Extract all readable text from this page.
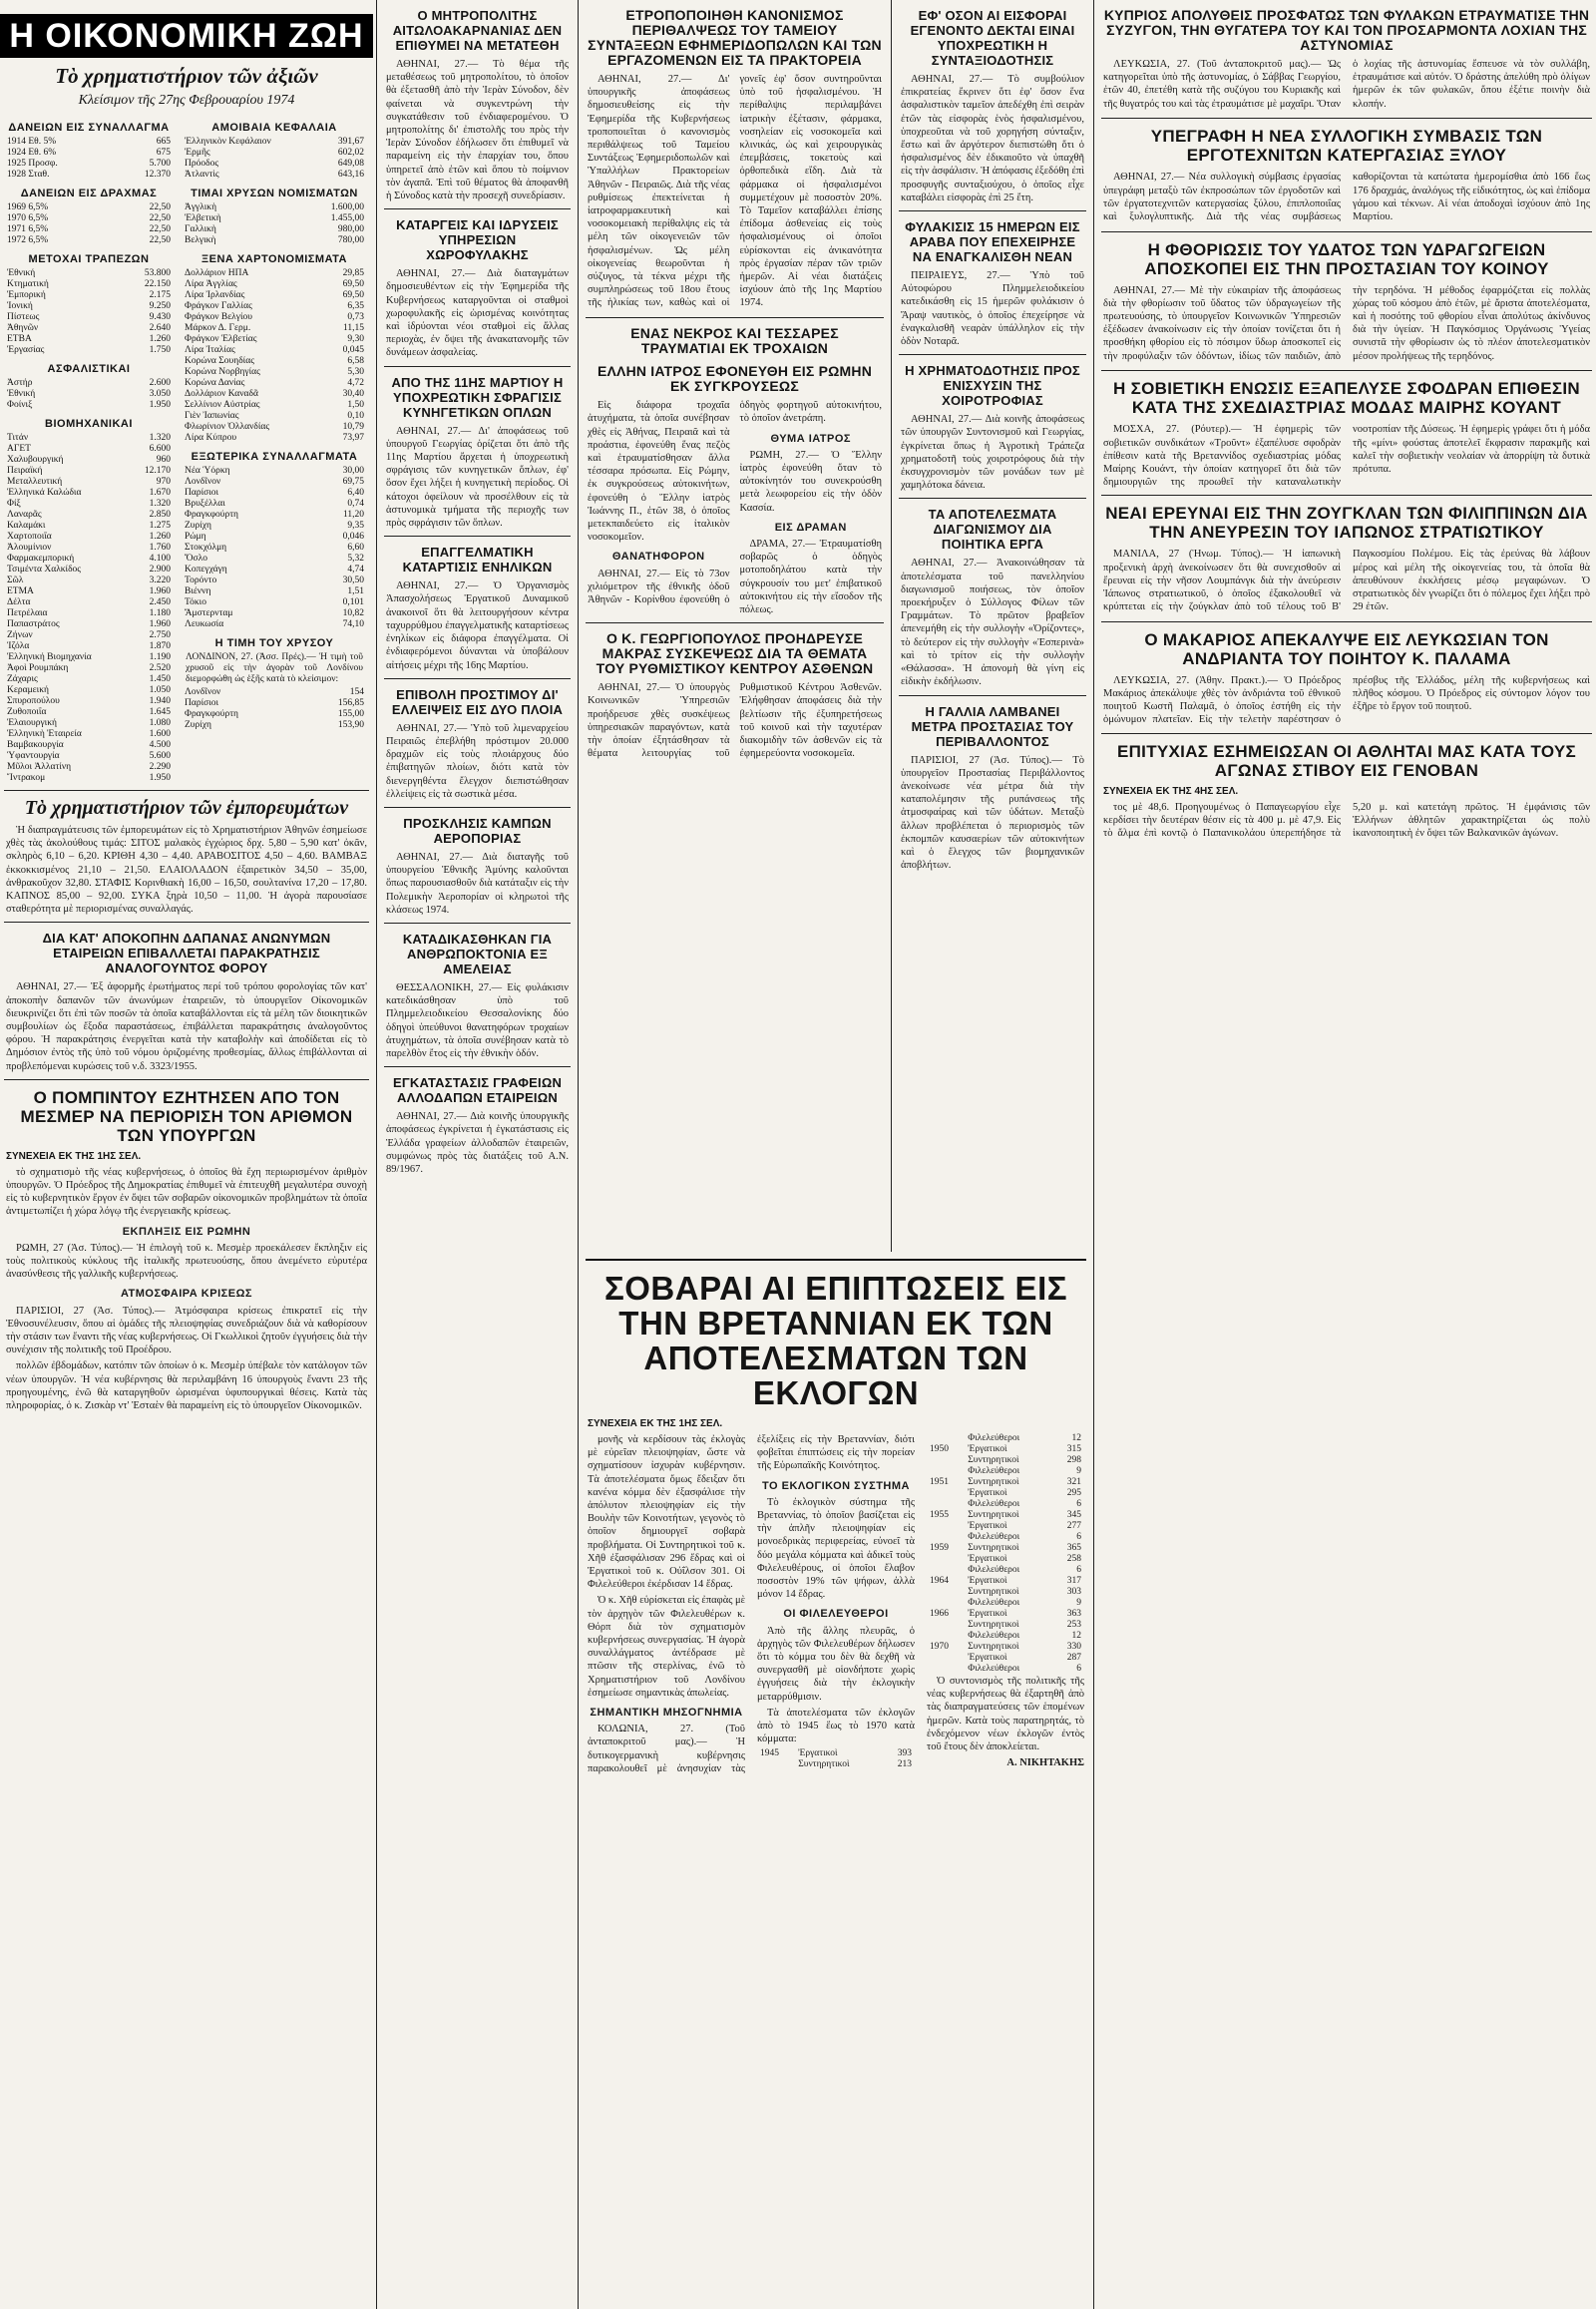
Η ΟΙΚΟΝΟΜΙΚΗ ΖΩΗ
Τὸ χρηματιστήριον τῶν ἀξιῶν
Κλείσιμον τῆς 27ης Φεβρουαρίου 1974
ΔΑΝΕΙΩΝ ΕΙΣ ΣΥΝΑΛΛΑΓΜΑ
1914 Εθ. 5%	665
1924 Εθ. 6%	675
1925 Προσφ.	5.700
1928 Σταθ.	12.370
ΔΑΝΕΙΩΝ ΕΙΣ ΔΡΑΧΜΑΣ
1969 6,5%	22,50
1970 6,5%	22,50
1971 6,5%	22,50
1972 6,5%	22,50
ΜΕΤΟΧΑΙ ΤΡΑΠΕΖΩΝ
Ἐθνική	53.800
Κτηματική	22.150
Ἐμπορική	2.175
Ἰονική	9.250
Πίστεως	9.430
Ἀθηνῶν	2.640
ΕΤΒΑ	1.260
Ἐργασίας	1.750
ΑΣΦΑΛΙΣΤΙΚΑΙ
Ἀστήρ	2.600
Ἐθνική	3.050
Φοίνιξ	1.950
ΒΙΟΜΗΧΑΝΙΚΑΙ
Τιτάν	1.320
ΑΓΕΤ	6.600
Χαλυβουργική	960
Πειραϊκή	12.170
Μεταλλευτική	970
Ἑλληνικά Καλώδια	1.670
Φίξ	1.320
Λαναρᾶς	2.850
Καλαμάκι	1.275
Χαρτοποιΐα	1.260
Ἀλουμίνιον	1.760
Φαρμακεμπορική	4.100
Τσιμέντα Χαλκίδος	2.900
Σῶλ	3.220
ΕΤΜΑ	1.960
Δέλτα	2.450
Πετρέλαια	1.180
Παπαστράτος	1.960
Ζήνων	2.750
Ἰζόλα	1.870
Ἑλληνική Βιομηχανία	1.190
Ἀφοὶ Ρουμπάκη	2.520
Ζάχαρις	1.450
Κεραμεική	1.050
Σπυροπούλου	1.940
Ζυθοποιΐα	1.645
Ἐλαιουργική	1.080
Ἑλληνικὴ Ἐταιρεία	1.600
Βαμβακουργία	4.500
Ὑφαντουργία	5.600
Μῦλοι Ἀλλατίνη	2.290
Ἴντρακομ	1.950
ΑΜΟΙΒΑΙΑ ΚΕΦΑΛΑΙΑ
Ἑλληνικὸν Κεφάλαιον	391,67
Ἑρμῆς	602,02
Πρόοδος	649,08
Ἀτλαντὶς	643,16
ΤΙΜΑΙ ΧΡΥΣΩΝ ΝΟΜΙΣΜΑΤΩΝ
Ἀγγλικὴ	1.600,00
Ἑλβετικὴ	1.455,00
Γαλλικὴ	980,00
Βελγικὴ	780,00
ΞΕΝΑ ΧΑΡΤΟΝΟΜΙΣΜΑΤΑ
Δολλάριον ΗΠΑ	29,85
Λίρα Ἀγγλίας	69,50
Λίρα Ἰρλανδίας	69,50
Φράγκον Γαλλίας	6,35
Φράγκον Βελγίου	0,73
Μάρκον Δ. Γερμ.	11,15
Φράγκον Ἑλβετίας	9,30
Λίρα Ἰταλίας	0,045
Κορώνα Σουηδίας	6,58
Κορώνα Νορβηγίας	5,30
Κορώνα Δανίας	4,72
Δολλάριον Καναδᾶ	30,40
Σελλίνιον Αὐστρίας	1,50
Γιὲν Ἰαπωνίας	0,10
Φλωρίνιον Ὀλλανδίας	10,79
Λίρα Κύπρου	73,97
ΕΞΩΤΕΡΙΚΑ ΣΥΝΑΛΛΑΓΜΑΤΑ
Νέα Ὑόρκη	30,00
Λονδῖνον	69,75
Παρίσιοι	6,40
Βρυξέλλαι	0,74
Φραγκφούρτη	11,20
Ζυρίχη	9,35
Ρώμη	0,046
Στοκχόλμη	6,60
Ὄσλο	5,32
Κοπεγχάγη	4,74
Τορόντο	30,50
Βιέννη	1,51
Τόκιο	0,101
Ἄμστερνταμ	10,82
Λευκωσία	74,10
Η ΤΙΜΗ ΤΟΥ ΧΡΥΣΟΥ
ΛΟΝΔΙΝΟΝ, 27. (Ἀσσ. Πρές).— Ἡ τιμὴ τοῦ χρυσοῦ εἰς τὴν ἀγορὰν τοῦ Λονδίνου διεμορφώθη ὡς ἑξῆς κατὰ τὸ κλείσιμον:
Λονδῖνον	154
Παρίσιοι	156,85
Φραγκφούρτη	155,00
Ζυρίχη	153,90
Τὸ χρηματιστήριον τῶν ἐμπορευμάτων

Ἡ διαπραγμάτευσις τῶν ἐμπορευμάτων εἰς τὸ Χρηματιστήριον Ἀθηνῶν ἐσημείωσε χθὲς τὰς ἀκολούθους τιμάς: ΣΙΤΟΣ μαλακὸς ἐγχώριος δρχ. 5,80 – 5,90 κατ' ὀκᾶν, σκληρὸς 6,10 – 6,20. ΚΡΙΘΗ 4,30 – 4,40. ΑΡΑΒΟΣΙΤΟΣ 4,50 – 4,60. ΒΑΜΒΑΞ ἐκκοκκισμένος 21,10 – 21,50. ΕΛΑΙΟΛΑΔΟΝ ἐξαιρετικὸν 34,50 – 35,00, ἀνθρακοῦχον 32,80. ΣΤΑΦΙΣ Κορινθιακὴ 16,00 – 16,50, σουλτανίνα 17,20 – 17,80. ΚΑΠΝΟΣ 85,00 – 92,00. ΣΥΚΑ ξηρὰ 10,50 – 11,00. Ἡ ἀγορὰ παρουσίασε σταθερότητα μὲ περιορισμένας συναλλαγάς.

ΔΙΑ ΚΑΤ' ΑΠΟΚΟΠΗΝ ΔΑΠΑΝΑΣ ΑΝΩΝΥΜΩΝ ΕΤΑΙΡΕΙΩΝ ΕΠΙΒΑΛΛΕΤΑΙ ΠΑΡΑΚΡΑΤΗΣΙΣ ΑΝΑΛΟΓΟΥΝΤΟΣ ΦΟΡΟΥ

ΑΘΗΝΑΙ, 27.— Ἐξ ἀφορμῆς ἐρωτήματος περί τοῦ τρόπου φορολογίας τῶν κατ' ἀποκοπὴν δαπανῶν τῶν ἀνωνύμων ἑταιρειῶν, τὸ ὑπουργεῖον Οἰκονομικῶν διευκρινίζει ὅτι ἐπὶ τῶν ποσῶν τὰ ὁποῖα καταβάλλονται εἰς τὰ μέλη τῶν διοικητικῶν συμβουλίων ὡς ἔξοδα παραστάσεως, ἐπιβάλλεται παρακράτησις ἀναλογοῦντος φόρου. Ἡ παρακράτησις ἐνεργεῖται κατὰ τὴν καταβολὴν καὶ ἀποδίδεται εἰς τὸ Δημόσιον ἐντὸς τῆς ὑπὸ τοῦ νόμου ὁριζομένης προθεσμίας, ἄλλως ἐπιβάλλονται αἱ προβλεπόμεναι κυρώσεις τοῦ ν.δ. 3323/1955.

Ο ΠΟΜΠΙΝΤΟΥ ΕΖΗΤΗΣΕΝ ΑΠΟ ΤΟΝ ΜΕΣΜΕΡ ΝΑ ΠΕΡΙΟΡΙΣΗ ΤΟΝ ΑΡΙΘΜΟΝ ΤΩΝ ΥΠΟΥΡΓΩΝ
ΣΥΝΕΧΕΙΑ ΕΚ ΤΗΣ 1ΗΣ ΣΕΛ.

τὸ σχηματισμὸ τῆς νέας κυβερνήσεως, ὁ ὁποῖος θὰ ἔχη περιωρισμένον ἀριθμὸν ὑπουργῶν. Ὁ Πρόεδρος τῆς Δημοκρατίας ἐπιθυμεῖ νὰ ἐπιτευχθῆ μεγαλυτέρα συνοχὴ εἰς τὸ κυβερνητικὸν ἔργον ἐν ὄψει τῶν σοβαρῶν οἰκονομικῶν προβλημάτων τὰ ὁποῖα ἀντιμετωπίζει ἡ χώρα λόγῳ τῆς ἐνεργειακῆς κρίσεως.

ΕΚΠΛΗΞΙΣ ΕΙΣ ΡΩΜΗΝ

ΡΩΜΗ, 27 (Ἀσ. Τύπος).— Ἡ ἐπιλογὴ τοῦ κ. Μεσμὲρ προεκάλεσεν ἔκπληξιν εἰς τοὺς πολιτικοὺς κύκλους τῆς ἰταλικῆς πρωτευούσης, ὅπου ἀνεμένετο εὐρυτέρα ἀνασύνθεσις τῆς γαλλικῆς κυβερνήσεως.

ΑΤΜΟΣΦΑΙΡΑ ΚΡΙΣΕΩΣ

ΠΑΡΙΣΙΟΙ, 27 (Ἀσ. Τύπος).— Ἀτμόσφαιρα κρίσεως ἐπικρατεῖ εἰς τὴν Ἐθνοσυνέλευσιν, ὅπου αἱ ὁμάδες τῆς πλειοψηφίας συνεδριάζουν διὰ νὰ καθορίσουν τὴν στάσιν των ἔναντι τῆς νέας κυβερνήσεως. Οἱ Γκωλλικοὶ ζητοῦν ἐγγυήσεις διὰ τὴν συνέχισιν τῆς πολιτικῆς τοῦ Προέδρου.

πολλῶν ἐβδομάδων, κατόπιν τῶν ὁποίων ὁ κ. Μεσμὲρ ὑπέβαλε τὸν κατάλογον τῶν νέων ὑπουργῶν. Ἡ νέα κυβέρνησις θὰ περιλαμβάνη 16 ὑπουργοὺς ἔναντι 23 τῆς προηγουμένης, ἐνῶ θὰ καταργηθοῦν ὡρισμέναι ὑφυπουργικαὶ θέσεις. Κατὰ τὰς πληροφορίας, ὁ κ. Ζισκὰρ ντ' Ἐσταὲν θὰ παραμείνη εἰς τὸ ὑπουργεῖον Οἰκονομικῶν.

Ο ΜΗΤΡΟΠΟΛΙΤΗΣ ΑΙΤΩΛΟΑΚΑΡΝΑΝΙΑΣ ΔΕΝ ΕΠΙΘΥΜΕΙ ΝΑ ΜΕΤΑΤΕΘΗ

ΑΘΗΝΑΙ, 27.— Τὸ θέμα τῆς μεταθέσεως τοῦ μητροπολίτου, τὸ ὁποῖον θὰ ἐξετασθῆ ἀπὸ τὴν Ἱερὰν Σύνοδον, δὲν φαίνεται νὰ συγκεντρώνη τὴν συγκατάθεσιν τοῦ ἐνδιαφερομένου. Ὁ μητροπολίτης δι' ἐπιστολῆς του πρὸς τὴν Ἱερὰν Σύνοδον ἐδήλωσεν ὅτι ἐπιθυμεῖ νὰ παραμείνη εἰς τὴν ἐπαρχίαν του, ὅπου ὑπηρετεῖ ἀπὸ ἐτῶν καὶ ὅπου τὸ ποίμνιον τὸν ἀγαπᾶ. Ἐπὶ τοῦ θέματος θὰ ἀποφανθῆ ἡ Σύνοδος κατὰ τὴν προσεχῆ συνεδρίασιν.

ΚΑΤΑΡΓΕΙΣ ΚΑΙ ΙΔΡΥΣΕΙΣ ΥΠΗΡΕΣΙΩΝ ΧΩΡΟΦΥΛΑΚΗΣ

ΑΘΗΝΑΙ, 27.— Διὰ διαταγμάτων δημοσιευθέντων εἰς τὴν Ἐφημερίδα τῆς Κυβερνήσεως καταργοῦνται οἱ σταθμοὶ χωροφυλακῆς εἰς ὡρισμένας κοινότητας καὶ ἱδρύονται νέοι σταθμοὶ εἰς ἄλλας περιοχὰς, ἐν ὄψει τῆς ἀνακατανομῆς τῶν δυνάμεων ἀσφαλείας.

ΑΠΟ ΤΗΣ 11ΗΣ ΜΑΡΤΙΟΥ Η ΥΠΟΧΡΕΩΤΙΚΗ ΣΦΡΑΓΙΣΙΣ ΚΥΝΗΓΕΤΙΚΩΝ ΟΠΛΩΝ

ΑΘΗΝΑΙ, 27.— Δι' ἀποφάσεως τοῦ ὑπουργοῦ Γεωργίας ὁρίζεται ὅτι ἀπὸ τῆς 11ης Μαρτίου ἄρχεται ἡ ὑποχρεωτικὴ σφράγισις τῶν κυνηγετικῶν ὅπλων, ἐφ' ὅσον ἔχει λήξει ἡ κυνηγετικὴ περίοδος. Οἱ κάτοχοι ὀφείλουν νὰ προσέλθουν εἰς τὰ ἀστυνομικὰ τμήματα τῆς περιοχῆς των πρὸς σφράγισιν τῶν ὅπλων.

ΕΠΑΓΓΕΛΜΑΤΙΚΗ ΚΑΤΑΡΤΙΣΙΣ ΕΝΗΛΙΚΩΝ

ΑΘΗΝΑΙ, 27.— Ὁ Ὀργανισμὸς Ἀπασχολήσεως Ἐργατικοῦ Δυναμικοῦ ἀνακοινοῖ ὅτι θὰ λειτουργήσουν κέντρα ταχυρρύθμου ἐπαγγελματικῆς καταρτίσεως ἐνηλίκων εἰς διάφορα ἐπαγγέλματα. Οἱ ἐνδιαφερόμενοι δύνανται νὰ ὑποβάλουν αἰτήσεις μέχρι τῆς 16ης Μαρτίου.

ΕΠΙΒΟΛΗ ΠΡΟΣΤΙΜΟΥ ΔΙ' ΕΛΛΕΙΨΕΙΣ ΕΙΣ ΔΥΟ ΠΛΟΙΑ

ΑΘΗΝΑΙ, 27.— Ὑπὸ τοῦ λιμεναρχείου Πειραιῶς ἐπεβλήθη πρόστιμον 20.000 δραχμῶν εἰς τοὺς πλοιάρχους δύο ἐπιβατηγῶν πλοίων, διότι κατὰ τὸν διενεργηθέντα ἔλεγχον διεπιστώθησαν ἐλλείψεις εἰς τὰ σωστικὰ μέσα.

ΠΡΟΣΚΛΗΣΙΣ ΚΑΜΠΩΝ ΑΕΡΟΠΟΡΙΑΣ

ΑΘΗΝΑΙ, 27.— Διὰ διαταγῆς τοῦ ὑπουργείου Ἐθνικῆς Ἀμύνης καλοῦνται ὅπως παρουσιασθοῦν διὰ κατάταξιν εἰς τὴν Πολεμικὴν Ἀεροπορίαν οἱ κληρωτοὶ τῆς κλάσεως 1974.

ΚΑΤΑΔΙΚΑΣΘΗΚΑΝ ΓΙΑ ΑΝΘΡΩΠΟΚΤΟΝΙΑ ΕΞ ΑΜΕΛΕΙΑΣ

ΘΕΣΣΑΛΟΝΙΚΗ, 27.— Εἰς φυλάκισιν κατεδικάσθησαν ὑπὸ τοῦ Πλημμελειοδικείου Θεσσαλονίκης δύο ὁδηγοὶ ὑπεύθυνοι θανατηφόρων τροχαίων ἀτυχημάτων, τὰ ὁποῖα συνέβησαν κατὰ τὸ παρελθὸν ἔτος εἰς τὴν ἐθνικὴν ὁδόν.

ΕΓΚΑΤΑΣΤΑΣΙΣ ΓΡΑΦΕΙΩΝ ΑΛΛΟΔΑΠΩΝ ΕΤΑΙΡΕΙΩΝ

ΑΘΗΝΑΙ, 27.— Διὰ κοινῆς ὑπουργικῆς ἀποφάσεως ἐγκρίνεται ἡ ἐγκατάστασις εἰς Ἑλλάδα γραφείων ἀλλοδαπῶν ἐταιρειῶν, συμφώνως πρὸς τὰς διατάξεις τοῦ Α.Ν. 89/1967.

ΕΤΡΟΠΟΠΟΙΗΘΗ ΚΑΝΟΝΙΣΜΟΣ ΠΕΡΙΘΑΛΨΕΩΣ ΤΟΥ ΤΑΜΕΙΟΥ ΣΥΝΤΑΞΕΩΝ ΕΦΗΜΕΡΙΔΟΠΩΛΩΝ ΚΑΙ ΤΩΝ ΕΡΓΑΖΟΜΕΝΩΝ ΕΙΣ ΤΑ ΠΡΑΚΤΟΡΕΙΑ

ΑΘΗΝΑΙ, 27.— Δι' ὑπουργικῆς ἀποφάσεως δημοσιευθείσης εἰς τὴν Ἐφημερίδα τῆς Κυβερνήσεως τροποποιεῖται ὁ κανονισμὸς περιθάλψεως τοῦ Ταμείου Συντάξεως Ἐφημεριδοπωλῶν καὶ Ὑπαλλήλων Πρακτορείων Ἀθηνῶν - Πειραιῶς. Διὰ τῆς νέας ρυθμίσεως ἐπεκτείνεται ἡ ἰατροφαρμακευτικὴ καὶ νοσοκομειακὴ περίθαλψις εἰς τὰ μέλη τῶν οἰκογενειῶν τῶν ἠσφαλισμένων. Ὡς μέλη οἰκογενείας θεωροῦνται ἡ σύζυγος, τὰ τέκνα μέχρι τῆς συμπληρώσεως τοῦ 18ου ἔτους τῆς ἡλικίας των, καθὼς καὶ οἱ γονεῖς ἐφ' ὅσον συντηροῦνται ὑπὸ τοῦ ἠσφαλισμένου. Ἡ περίθαλψις περιλαμβάνει ἰατρικὴν ἐξέτασιν, φάρμακα, νοσηλείαν εἰς νοσοκομεῖα καὶ κλινικάς, ὡς καὶ χειρουργικὰς ἐπεμβάσεις, τοκετοὺς καὶ ὀρθοπεδικὰ εἴδη. Διὰ τὰ φάρμακα οἱ ἠσφαλισμένοι συμμετέχουν μὲ ποσοστὸν 20%. Τὸ Ταμεῖον καταβάλλει ἐπίσης ἐπίδομα ἀσθενείας εἰς τοὺς ἠσφαλισμένους οἱ ὁποῖοι εὑρίσκονται εἰς ἀνικανότητα πρὸς ἐργασίαν πέραν τῶν τριῶν ἡμερῶν. Αἱ νέαι διατάξεις ἰσχύουν ἀπὸ τῆς 1ης Μαρτίου 1974.

ΕΝΑΣ ΝΕΚΡΟΣ ΚΑΙ ΤΕΣΣΑΡΕΣ ΤΡΑΥΜΑΤΙΑΙ ΕΚ ΤΡΟΧΑΙΩΝ
ΕΛΛΗΝ ΙΑΤΡΟΣ ΕΦΟΝΕΥΘΗ ΕΙΣ ΡΩΜΗΝ ΕΚ ΣΥΓΚΡΟΥΣΕΩΣ

Εἰς διάφορα τροχαῖα ἀτυχήματα, τὰ ὁποῖα συνέβησαν χθὲς εἰς Ἀθήνας, Πειραιᾶ καὶ τὰ προάστια, ἐφονεύθη ἕνας πεζὸς καὶ ἐτραυματίσθησαν ἄλλα τέσσαρα πρόσωπα. Εἰς Ρώμην, ἐκ συγκρούσεως αὐτοκινήτων, ἐφονεύθη ὁ Ἕλλην ἰατρὸς Ἰωάννης Π., ἐτῶν 38, ὁ ὁποῖος μετεκπαιδεύετο εἰς ἰταλικὸν νοσοκομεῖον.

ΘΑΝΑΤΗΦΟΡΟΝ

ΑΘΗΝΑΙ, 27.— Εἰς τὸ 73ον χιλιόμετρον τῆς ἐθνικῆς ὁδοῦ Ἀθηνῶν - Κορίνθου ἐφονεύθη ὁ ὁδηγὸς φορτηγοῦ αὐτοκινήτου, τὸ ὁποῖον ἀνετράπη.

ΘΥΜΑ ΙΑΤΡΟΣ

ΡΩΜΗ, 27.— Ὁ Ἕλλην ἰατρὸς ἐφονεύθη ὅταν τὸ αὐτοκίνητόν του συνεκρούσθη μετὰ λεωφορείου εἰς τὴν ὁδὸν Κασσία.

ΕΙΣ ΔΡΑΜΑΝ

ΔΡΑΜΑ, 27.— Ἐτραυματίσθη σοβαρῶς ὁ ὁδηγὸς μοτοποδηλάτου κατὰ τὴν σύγκρουσίν του μετ' ἐπιβατικοῦ αὐτοκινήτου εἰς τὴν εἴσοδον τῆς πόλεως.

Ο Κ. ΓΕΩΡΓΙΟΠΟΥΛΟΣ ΠΡΟΗΔΡΕΥΣΕ ΜΑΚΡΑΣ ΣΥΣΚΕΨΕΩΣ ΔΙΑ ΤΑ ΘΕΜΑΤΑ ΤΟΥ ΡΥΘΜΙΣΤΙΚΟΥ ΚΕΝΤΡΟΥ ΑΣΘΕΝΩΝ

ΑΘΗΝΑΙ, 27.— Ὁ ὑπουργὸς Κοινωνικῶν Ὑπηρεσιῶν προήδρευσε χθὲς συσκέψεως ὑπηρεσιακῶν παραγόντων, κατὰ τὴν ὁποίαν ἐξητάσθησαν τὰ θέματα λειτουργίας τοῦ Ρυθμιστικοῦ Κέντρου Ἀσθενῶν. Ἐλήφθησαν ἀποφάσεις διὰ τὴν βελτίωσιν τῆς ἐξυπηρετήσεως τοῦ κοινοῦ καὶ τὴν ταχυτέραν διακομιδὴν τῶν ἀσθενῶν εἰς τὰ ἐφημερεύοντα νοσοκομεῖα.

ΕΦ' ΟΣΟΝ ΑΙ ΕΙΣΦΟΡΑΙ ΕΓΕΝΟΝΤΟ ΔΕΚΤΑΙ ΕΙΝΑΙ ΥΠΟΧΡΕΩΤΙΚΗ Η ΣΥΝΤΑΞΙΟΔΟΤΗΣΙΣ

ΑΘΗΝΑΙ, 27.— Τὸ συμβούλιον ἐπικρατείας ἔκρινεν ὅτι ἐφ' ὅσον ἕνα ἀσφαλιστικὸν ταμεῖον ἀπεδέχθη ἐπὶ σειρὰν ἐτῶν τὰς εἰσφορὰς ἑνὸς ἠσφαλισμένου, ὑποχρεοῦται νὰ τοῦ χορηγήση σύνταξιν, ἔστω καὶ ἂν ἀργότερον διεπιστώθη ὅτι ὁ ἠσφαλισμένος δὲν ἐδικαιοῦτο νὰ ὑπαχθῆ εἰς τὴν ἀσφάλισιν. Ἡ ἀπόφασις ἐξεδόθη ἐπὶ προσφυγῆς συνταξιούχου, ὁ ὁποῖος εἶχε καταβάλει εἰσφορὰς ἐπὶ 25 ἔτη.

ΦΥΛΑΚΙΣΙΣ 15 ΗΜΕΡΩΝ ΕΙΣ ΑΡΑΒΑ ΠΟΥ ΕΠΕΧΕΙΡΗΣΕ ΝΑ ΕΝΑΓΚΑΛΙΣΘΗ ΝΕΑΝ

ΠΕΙΡΑΙΕΥΣ, 27.— Ὑπὸ τοῦ Αὐτοφώρου Πλημμελειοδικείου κατεδικάσθη εἰς 15 ἡμερῶν φυλάκισιν ὁ Ἄραψ ναυτικὸς, ὁ ὁποῖος ἐπεχείρησε νὰ ἐναγκαλισθῆ νεαρὰν ὑπάλληλον εἰς τὴν ὁδὸν Νοταρᾶ.

Η ΧΡΗΜΑΤΟΔΟΤΗΣΙΣ ΠΡΟΣ ΕΝΙΣΧΥΣΙΝ ΤΗΣ ΧΟΙΡΟΤΡΟΦΙΑΣ

ΑΘΗΝΑΙ, 27.— Διὰ κοινῆς ἀποφάσεως τῶν ὑπουργῶν Συντονισμοῦ καὶ Γεωργίας, ἐγκρίνεται ὅπως ἡ Ἀγροτικὴ Τράπεζα χρηματοδοτῆ τοὺς χοιροτρόφους διὰ τὴν ἐκσυγχρονισμὸν τῶν μονάδων των μὲ χαμηλότοκα δάνεια.

ΤΑ ΑΠΟΤΕΛΕΣΜΑΤΑ ΔΙΑΓΩΝΙΣΜΟΥ ΔΙΑ ΠΟΙΗΤΙΚΑ ΕΡΓΑ

ΑΘΗΝΑΙ, 27.— Ἀνακοινώθησαν τὰ ἀποτελέσματα τοῦ πανελληνίου διαγωνισμοῦ ποιήσεως, τὸν ὁποῖον προεκήρυξεν ὁ Σύλλογος Φίλων τῶν Γραμμάτων. Τὸ πρῶτον βραβεῖον ἀπενεμήθη εἰς τὴν συλλογὴν «Ὀρίζοντες», τὸ δεύτερον εἰς τὴν συλλογὴν «Ἐσπερινὰ» καὶ τὸ τρίτον εἰς τὴν συλλογὴν «Θάλασσα». Ἡ ἀπονομὴ θὰ γίνη εἰς εἰδικὴν ἐκδήλωσιν.

Η ΓΑΛΛΙΑ ΛΑΜΒΑΝΕΙ ΜΕΤΡΑ ΠΡΟΣΤΑΣΙΑΣ ΤΟΥ ΠΕΡΙΒΑΛΛΟΝΤΟΣ

ΠΑΡΙΣΙΟΙ, 27 (Ἀσ. Τύπος).— Τὸ ὑπουργεῖον Προστασίας Περιβάλλοντος ἀνεκοίνωσε νέα μέτρα διὰ τὴν καταπολέμησιν τῆς ρυπάνσεως τῆς ἀτμοσφαίρας καὶ τῶν ὑδάτων. Μεταξὺ ἄλλων προβλέπεται ὁ περιορισμὸς τῶν ἐκπομπῶν καυσαερίων τῶν αὐτοκινήτων καὶ ὁ ἔλεγχος τῶν βιομηχανικῶν ἀποβλήτων.

ΣΟΒΑΡΑΙ ΑΙ ΕΠΙΠΤΩΣΕΙΣ ΕΙΣ ΤΗΝ ΒΡΕΤΑΝΝΙΑΝ ΕΚ ΤΩΝ ΑΠΟΤΕΛΕΣΜΑΤΩΝ ΤΩΝ ΕΚΛΟΓΩΝ
ΣΥΝΕΧΕΙΑ ΕΚ ΤΗΣ 1ΗΣ ΣΕΛ.

μονῆς νὰ κερδίσουν τὰς ἐκλογὰς μὲ εὐρεῖαν πλειοψηφίαν, ὥστε νὰ σχηματίσουν ἰσχυρὰν κυβέρνησιν. Τὰ ἀποτελέσματα ὅμως ἔδειξαν ὅτι κανένα κόμμα δὲν ἐξασφάλισε τὴν ἀπόλυτον πλειοψηφίαν εἰς τὴν Βουλὴν τῶν Κοινοτήτων, γεγονὸς τὸ ὁποῖον δημιουργεῖ σοβαρὰ προβλήματα. Οἱ Συντηρητικοὶ τοῦ κ. Χῆθ ἐξασφάλισαν 296 ἕδρας καὶ οἱ Ἐργατικοὶ τοῦ κ. Οὐΐλσον 301. Οἱ Φιλελεύθεροι ἐκέρδισαν 14 ἕδρας.

Ὁ κ. Χῆθ εὑρίσκεται εἰς ἐπαφὰς μὲ τὸν ἀρχηγὸν τῶν Φιλελευθέρων κ. Θόρπ διὰ τὸν σχηματισμὸν κυβερνήσεως συνεργασίας. Ἡ ἀγορὰ συναλλάγματος ἀντέδρασε μὲ πτῶσιν τῆς στερλίνας, ἐνῶ τὸ Χρηματιστήριον τοῦ Λονδίνου ἐσημείωσε σημαντικὰς ἀπωλείας.

ΣΗΜΑΝΤΙΚΗ ΜΗΣΟΓΝΗΜΙΑ

ΚΟΛΩΝΙΑ, 27. (Τοῦ ἀνταποκριτοῦ μας).— Ἡ δυτικογερμανικὴ κυβέρνησις παρακολουθεῖ μὲ ἀνησυχίαν τὰς ἐξελίξεις εἰς τὴν Βρεταννίαν, διότι φοβεῖται ἐπιπτώσεις εἰς τὴν πορείαν τῆς Εὐρωπαϊκῆς Κοινότητος.

ΤΟ ΕΚΛΟΓΙΚΟΝ ΣΥΣΤΗΜΑ

Τὸ ἐκλογικὸν σύστημα τῆς Βρεταννίας, τὸ ὁποῖον βασίζεται εἰς τὴν ἀπλῆν πλειοψηφίαν εἰς μονοεδρικὰς περιφερείας, εὐνοεῖ τὰ δύο μεγάλα κόμματα καὶ ἀδικεῖ τοὺς Φιλελευθέρους, οἱ ὁποῖοι ἔλαβον ποσοστὸν 19% τῶν ψήφων, ἀλλὰ μόνον 14 ἕδρας.

ΟΙ ΦΙΛΕΛΕΥΘΕΡΟΙ

Ἀπὸ τῆς ἄλλης πλευρᾶς, ὁ ἀρχηγὸς τῶν Φιλελευθέρων δήλωσεν ὅτι τὸ κόμμα του δὲν θὰ δεχθῆ νὰ συνεργασθῆ μὲ οἱονδήποτε χωρὶς ἐγγυήσεις διὰ τὴν ἐκλογικὴν μεταρρύθμισιν.

Τὰ ἀποτελέσματα τῶν ἐκλογῶν ἀπὸ τὸ 1945 ἕως τὸ 1970 κατὰ κόμματα:

1945	Ἐργατικοὶ	393
	Συντηρητικοὶ	213
	Φιλελεύθεροι	12
1950	Ἐργατικοὶ	315
	Συντηρητικοὶ	298
	Φιλελεύθεροι	9
1951	Συντηρητικοὶ	321
	Ἐργατικοὶ	295
	Φιλελεύθεροι	6
1955	Συντηρητικοὶ	345
	Ἐργατικοὶ	277
	Φιλελεύθεροι	6
1959	Συντηρητικοὶ	365
	Ἐργατικοὶ	258
	Φιλελεύθεροι	6
1964	Ἐργατικοὶ	317
	Συντηρητικοὶ	303
	Φιλελεύθεροι	9
1966	Ἐργατικοὶ	363
	Συντηρητικοὶ	253
	Φιλελεύθεροι	12
1970	Συντηρητικοὶ	330
	Ἐργατικοὶ	287
	Φιλελεύθεροι	6

Ὁ συντονισμὸς τῆς πολιτικῆς τῆς νέας κυβερνήσεως θὰ ἐξαρτηθῆ ἀπὸ τὰς διαπραγματεύσεις τῶν ἑπομένων ἡμερῶν. Κατὰ τοὺς παρατηρητάς, τὸ ἐνδεχόμενον νέων ἐκλογῶν ἐντὸς τοῦ ἔτους δὲν ἀποκλείεται.

Α. ΝΙΚΗΤΑΚΗΣ

ΚΥΠΡΙΟΣ ΑΠΟΛΥΘΕΙΣ ΠΡΟΣΦΑΤΩΣ ΤΩΝ ΦΥΛΑΚΩΝ ΕΤΡΑΥΜΑΤΙΣΕ ΤΗΝ ΣΥΖΥΓΟΝ, ΤΗΝ ΘΥΓΑΤΕΡΑ ΤΟΥ ΚΑΙ ΤΟΝ ΠΡΟΣΑΡΜΟΝΤΑ ΛΟΧΙΑΝ ΤΗΣ ΑΣΤΥΝΟΜΙΑΣ

ΛΕΥΚΩΣΙΑ, 27. (Τοῦ ἀνταποκριτοῦ μας).— Ὡς κατηγορεῖται ὑπὸ τῆς ἀστυνομίας, ὁ Σάββας Γεωργίου, ἐτῶν 40, ἐπετέθη κατὰ τῆς συζύγου του Κυριακῆς καὶ τῆς θυγατρός του καὶ τὰς ἐτραυμάτισε μὲ μαχαῖρι. Ὅταν ὁ λοχίας τῆς ἀστυνομίας ἔσπευσε νὰ τὸν συλλάβη, ἐτραυμάτισε καὶ αὐτόν. Ὁ δράστης ἀπελύθη πρὸ ὀλίγων ἡμερῶν ἐκ τῶν φυλακῶν, ὅπου ἐξέτιε ποινὴν διὰ κλοπήν.

ΥΠΕΓΡΑΦΗ Η ΝΕΑ ΣΥΛΛΟΓΙΚΗ ΣΥΜΒΑΣΙΣ ΤΩΝ ΕΡΓΟΤΕΧΝΙΤΩΝ ΚΑΤΕΡΓΑΣΙΑΣ ΞΥΛΟΥ

ΑΘΗΝΑΙ, 27.— Νέα συλλογικὴ σύμβασις ἐργασίας ὑπεγράφη μεταξὺ τῶν ἐκπροσώπων τῶν ἐργοδοτῶν καὶ τῶν ἐργατοτεχνιτῶν κατεργασίας ξύλου, ἐπιπλοποιΐας καὶ ξυλογλυπτικῆς. Διὰ τῆς νέας συμβάσεως καθορίζονται τὰ κατώτατα ἡμερομίσθια ἀπὸ 166 ἕως 176 δραχμάς, ἀναλόγως τῆς εἰδικότητος, ὡς καὶ ἐπίδομα γάμου καὶ τέκνων. Αἱ νέαι ἀποδοχαὶ ἰσχύουν ἀπὸ 1ης Μαρτίου.

Η ΦΘΟΡΙΩΣΙΣ ΤΟΥ ΥΔΑΤΟΣ ΤΩΝ ΥΔΡΑΓΩΓΕΙΩΝ ΑΠΟΣΚΟΠΕΙ ΕΙΣ ΤΗΝ ΠΡΟΣΤΑΣΙΑΝ ΤΟΥ ΚΟΙΝΟΥ

ΑΘΗΝΑΙ, 27.— Μὲ τὴν εὐκαιρίαν τῆς ἀποφάσεως διὰ τὴν φθορίωσιν τοῦ ὕδατος τῶν ὑδραγωγείων τῆς πρωτευούσης, τὸ ὑπουργεῖον Κοινωνικῶν Ὑπηρεσιῶν ἐξέδωσεν ἀνακοίνωσιν εἰς τὴν ὁποίαν τονίζεται ὅτι ἡ προσθήκη φθορίου εἰς τὸ πόσιμον ὕδωρ ἀποσκοπεῖ εἰς τὴν προφύλαξιν τῶν ὀδόντων, ἰδίως τῶν παιδιῶν, ἀπὸ τὴν τερηδόνα. Ἡ μέθοδος ἐφαρμόζεται εἰς πολλὰς χώρας τοῦ κόσμου ἀπὸ ἐτῶν, μὲ ἄριστα ἀποτελέσματα, καὶ ἡ ποσότης τοῦ φθορίου εἶναι ἀπολύτως ἀκίνδυνος διὰ τὴν ὑγείαν. Ἡ Παγκόσμιος Ὀργάνωσις Ὑγείας συνιστᾶ τὴν φθορίωσιν ὡς τὸ πλέον ἀποτελεσματικὸν μέσον προλήψεως τῆς τερηδόνος.

Η ΣΟΒΙΕΤΙΚΗ ΕΝΩΣΙΣ ΕΞΑΠΕΛΥΣΕ ΣΦΟΔΡΑΝ ΕΠΙΘΕΣΙΝ ΚΑΤΑ ΤΗΣ ΣΧΕΔΙΑΣΤΡΙΑΣ ΜΟΔΑΣ ΜΑΙΡΗΣ ΚΟΥΑΝΤ

ΜΟΣΧΑ, 27. (Ρόυτερ).— Ἡ ἐφημερὶς τῶν σοβιετικῶν συνδικάτων «Τροῦντ» ἐξαπέλυσε σφοδρὰν ἐπίθεσιν κατὰ τῆς Βρεταννίδος σχεδιαστρίας μόδας Μαίρης Κουάντ, τὴν ὁποίαν κατηγορεῖ ὅτι διὰ τῶν δημιουργιῶν της προωθεῖ τὴν καταναλωτικὴν νοοτροπίαν τῆς Δύσεως. Ἡ ἐφημερὶς γράφει ὅτι ἡ μόδα τῆς «μίνι» φούστας ἀποτελεῖ ἔκφρασιν παρακμῆς καὶ καλεῖ τὴν σοβιετικὴν νεολαίαν νὰ ἀπορρίψη τὰ δυτικὰ πρότυπα.

ΝΕΑΙ ΕΡΕΥΝΑΙ ΕΙΣ ΤΗΝ ΖΟΥΓΚΛΑΝ ΤΩΝ ΦΙΛΙΠΠΙΝΩΝ ΔΙΑ ΤΗΝ ΑΝΕΥΡΕΣΙΝ ΤΟΥ ΙΑΠΩΝΟΣ ΣΤΡΑΤΙΩΤΙΚΟΥ

ΜΑΝΙΛΑ, 27 (Ἡνωμ. Τύπος).— Ἡ ἰαπωνικὴ προξενικὴ ἀρχὴ ἀνεκοίνωσεν ὅτι θὰ συνεχισθοῦν αἱ ἔρευναι εἰς τὴν νῆσον Λουμπάνγκ διὰ τὴν ἀνεύρεσιν Ἰάπωνος στρατιωτικοῦ, ὁ ὁποῖος ἐξακολουθεῖ νὰ κρύπτεται εἰς τὴν ζούγκλαν ἀπὸ τοῦ τέλους τοῦ Β' Παγκοσμίου Πολέμου. Εἰς τὰς ἐρεύνας θὰ λάβουν μέρος καὶ μέλη τῆς οἰκογενείας του, τὰ ὁποῖα θὰ ἀπευθύνουν ἐκκλήσεις μέσῳ μεγαφώνων. Ὁ στρατιωτικὸς δὲν γνωρίζει ὅτι ὁ πόλεμος ἔχει λήξει πρὸ 29 ἐτῶν.

Ο ΜΑΚΑΡΙΟΣ ΑΠΕΚΑΛΥΨΕ ΕΙΣ ΛΕΥΚΩΣΙΑΝ ΤΟΝ ΑΝΔΡΙΑΝΤΑ ΤΟΥ ΠΟΙΗΤΟΥ Κ. ΠΑΛΑΜΑ

ΛΕΥΚΩΣΙΑ, 27. (Ἀθην. Πρακτ.).— Ὁ Πρόεδρος Μακάριος ἀπεκάλυψε χθὲς τὸν ἀνδριάντα τοῦ ἐθνικοῦ ποιητοῦ Κωστῆ Παλαμᾶ, ὁ ὁποῖος ἐστήθη εἰς τὴν ὁμώνυμον πλατεῖαν. Εἰς τὴν τελετὴν παρέστησαν ὁ πρέσβυς τῆς Ἑλλάδος, μέλη τῆς κυβερνήσεως καὶ πλῆθος κόσμου. Ὁ Πρόεδρος εἰς σύντομον λόγον του ἐξῆρε τὸ ἔργον τοῦ ποιητοῦ.

ΕΠΙΤΥΧΙΑΣ ΕΣΗΜΕΙΩΣΑΝ ΟΙ ΑΘΛΗΤΑΙ ΜΑΣ ΚΑΤΑ ΤΟΥΣ ΑΓΩΝΑΣ ΣΤΙΒΟΥ ΕΙΣ ΓΕΝΟΒΑΝ
ΣΥΝΕΧΕΙΑ ΕΚ ΤΗΣ 4ΗΣ ΣΕΛ.

τος μὲ 48,6. Προηγουμένως ὁ Παπαγεωργίου εἶχε κερδίσει τὴν δευτέραν θέσιν εἰς τὰ 400 μ. μὲ 47,9. Εἰς τὸ ἅλμα ἐπὶ κοντῷ ὁ Παπανικολάου ὑπερεπήδησε τὰ 5,20 μ. καὶ κατετάγη πρῶτος. Ἡ ἐμφάνισις τῶν Ἑλλήνων ἀθλητῶν χαρακτηρίζεται ὡς πολὺ ἱκανοποιητικὴ ἐν ὄψει τῶν Βαλκανικῶν ἀγώνων.
